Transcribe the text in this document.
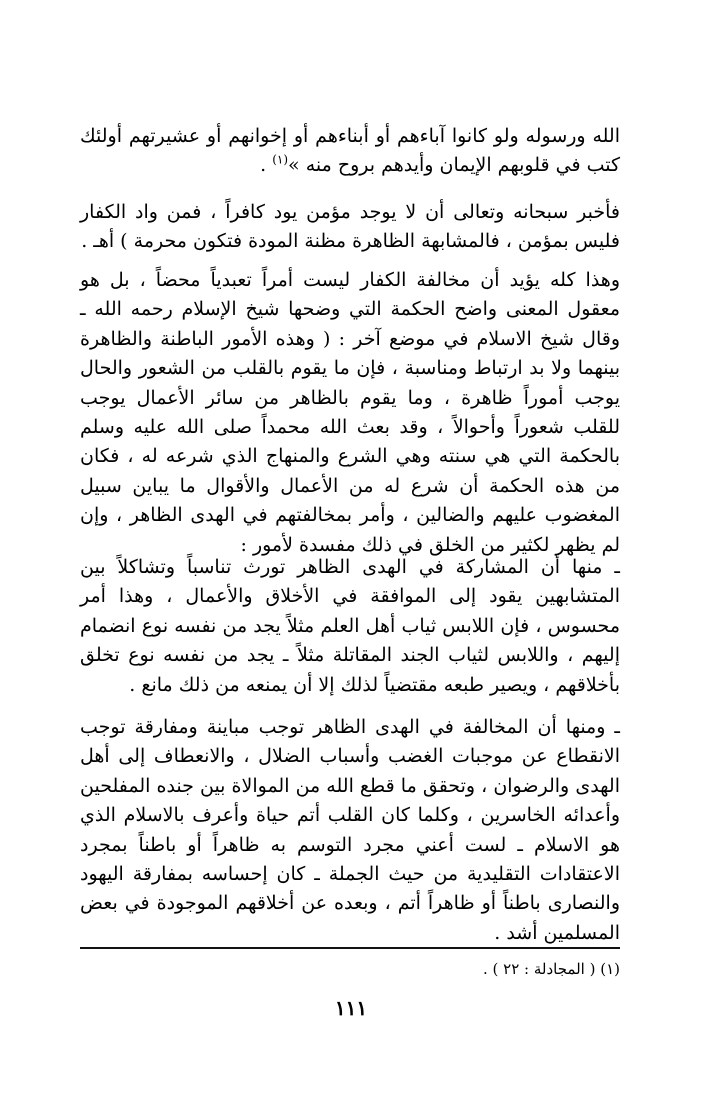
الله ورسوله ولو كانوا آباءهم أو أبناءهم أو إخوانهم أو عشيرتهم أولئك كتب في قلوبهم الإيمان وأيدهم بروح منه »$^{(١)}$ .

فأخبر سبحانه وتعالى أن لا يوجد مؤمن يود كافراً ، فمن واد الكفار فليس بمؤمن ، فالمشابهة الظاهرة مظنة المودة فتكون محرمة ) أهـ .

وهذا كله يؤيد أن مخالفة الكفار ليست أمراً تعبدياً محضاً ، بل هو معقول المعنى واضح الحكمة التي وضحها شيخ الإسلام رحمه الله ـ وقال شيخ الاسلام في موضع آخر : ( وهذه الأمور الباطنة والظاهرة بينهما ولا بد ارتباط ومناسبة ، فإن ما يقوم بالقلب من الشعور والحال يوجب أموراً ظاهرة ، وما يقوم بالظاهر من سائر الأعمال يوجب للقلب شعوراً وأحوالاً ، وقد بعث الله محمداً صلى الله عليه وسلم بالحكمة التي هي سنته وهي الشرع والمنهاج الذي شرعه له ، فكان من هذه الحكمة أن شرع له من الأعمال والأقوال ما يباين سبيل المغضوب عليهم والضالين ، وأمر بمخالفتهم في الهدى الظاهر ، وإن لم يظهر لكثير من الخلق في ذلك مفسدة لأمور :

ـ منها أن المشاركة في الهدى الظاهر تورث تناسباً وتشاكلاً بين المتشابهين يقود إلى الموافقة في الأخلاق والأعمال ، وهذا أمر محسوس ، فإن اللابس ثياب أهل العلم مثلاً يجد من نفسه نوع انضمام إليهم ، واللابس لثياب الجند المقاتلة مثلاً ـ يجد من نفسه نوع تخلق بأخلاقهم ، ويصير طبعه مقتضياً لذلك إلا أن يمنعه من ذلك مانع .

ـ ومنها أن المخالفة في الهدى الظاهر توجب مباينة ومفارقة توجب الانقطاع عن موجبات الغضب وأسباب الضلال ، والانعطاف إلى أهل الهدى والرضوان ، وتحقق ما قطع الله من الموالاة بين جنده المفلحين وأعدائه الخاسرين ، وكلما كان القلب أتم حياة وأعرف بالاسلام الذي هو الاسلام ـ لست أعني مجرد التوسم به ظاهراً أو باطناً بمجرد الاعتقادات التقليدية من حيث الجملة ـ كان إحساسه بمفارقة اليهود والنصارى باطناً أو ظاهراً أتم ، وبعده عن أخلاقهم الموجودة في بعض المسلمين أشد .

(١) ( المجادلة : ٢٢ ) .
١١١
